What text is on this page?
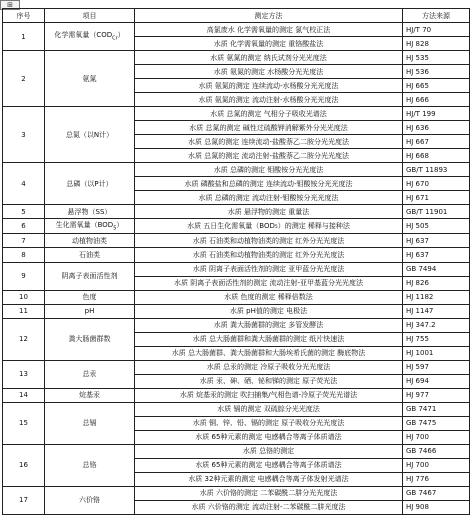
⊞
序号	项目	测定方法	方法来源
1	化学需氧量$(COD_{Cr})$	高氯废水 化学需氧量的测定 氯气校正法	HJ/T 70
		水质 化学需氧量的测定 重铬酸盐法	HJ 828
2	氨氮	水质 氨氮的测定 纳氏试剂分光光度法	HJ 535
		水质 氨氮的测定 水杨酸分光光度法	HJ 536
		水质 氨氮的测定 连续流动-水杨酸分光光度法	HJ 665
		水质 氨氮的测定 流动注射-水杨酸分光光度法	HJ 666
3	总氮（以N计）	水质 总氮的测定 气相分子吸收光谱法	HJ/T 199
		水质 总氮的测定 碱性过硫酸钾消解紫外分光光度法	HJ 636
		水质 总氮的测定 连续流动-盐酸萘乙二胺分光光度法	HJ 667
		水质 总氮的测定 流动注射-盐酸萘乙二胺分光光度法	HJ 668
4	总磷（以P计）	水质 总磷的测定 钼酸铵分光光度法	GB/T 11893
		水质 磷酸盐和总磷的测定 连续流动-钼酸铵分光光度法	HJ 670
		水质 总磷的测定 流动注射-钼酸铵分光光度法	HJ 671
5	悬浮物（SS）	水质 悬浮物的测定 重量法	GB/T 11901
6	生化需氧量$(BOD_5)$	水质 五日生化需氧量（BOD₅）的测定 稀释与接种法	HJ 505
7	动植物油类	水质 石油类和动植物油类的测定 红外分光光度法	HJ 637
8	石油类	水质 石油类和动植物油类的测定 红外分光光度法	HJ 637
9	阴离子表面活性剂	水质 阴离子表面活性剂的测定 亚甲蓝分光光度法	GB 7494
		水质 阴离子表面活性剂的测定 流动注射-亚甲基蓝分光光度法	HJ 826
10	色度	水质 色度的测定 稀释倍数法	HJ 1182
11	pH	水质 pH值的测定 电极法	HJ 1147
12	粪大肠菌群数	水质 粪大肠菌群的测定 多管发酵法	HJ 347.2
		水质 总大肠菌群和粪大肠菌群的测定 纸片快速法	HJ 755
		水质 总大肠菌群、粪大肠菌群和大肠埃希氏菌的测定 酶底物法	HJ 1001
13	总汞	水质 总汞的测定 冷原子吸收分光光度法	HJ 597
		水质 汞、砷、硒、铋和锑的测定 原子荧光法	HJ 694
14	烷基汞	水质 烷基汞的测定 吹扫捕集/气相色谱-冷原子荧光光谱法	HJ 977
15	总镉	水质 镉的测定 双硫腙分光光度法	GB 7471
		水质 铜、锌、铅、镉的测定 原子吸收分光光度法	GB 7475
		水质 65种元素的测定 电感耦合等离子体质谱法	HJ 700
16	总铬	水质 总铬的测定	GB 7466
		水质 65种元素的测定 电感耦合等离子体质谱法	HJ 700
		水质 32种元素的测定 电感耦合等离子体发射光谱法	HJ 776
17	六价铬	水质 六价铬的测定 二苯碳酰二肼分光光度法	GB 7467
		水质 六价铬的测定 流动注射-二苯碳酰二肼光度法	HJ 908
